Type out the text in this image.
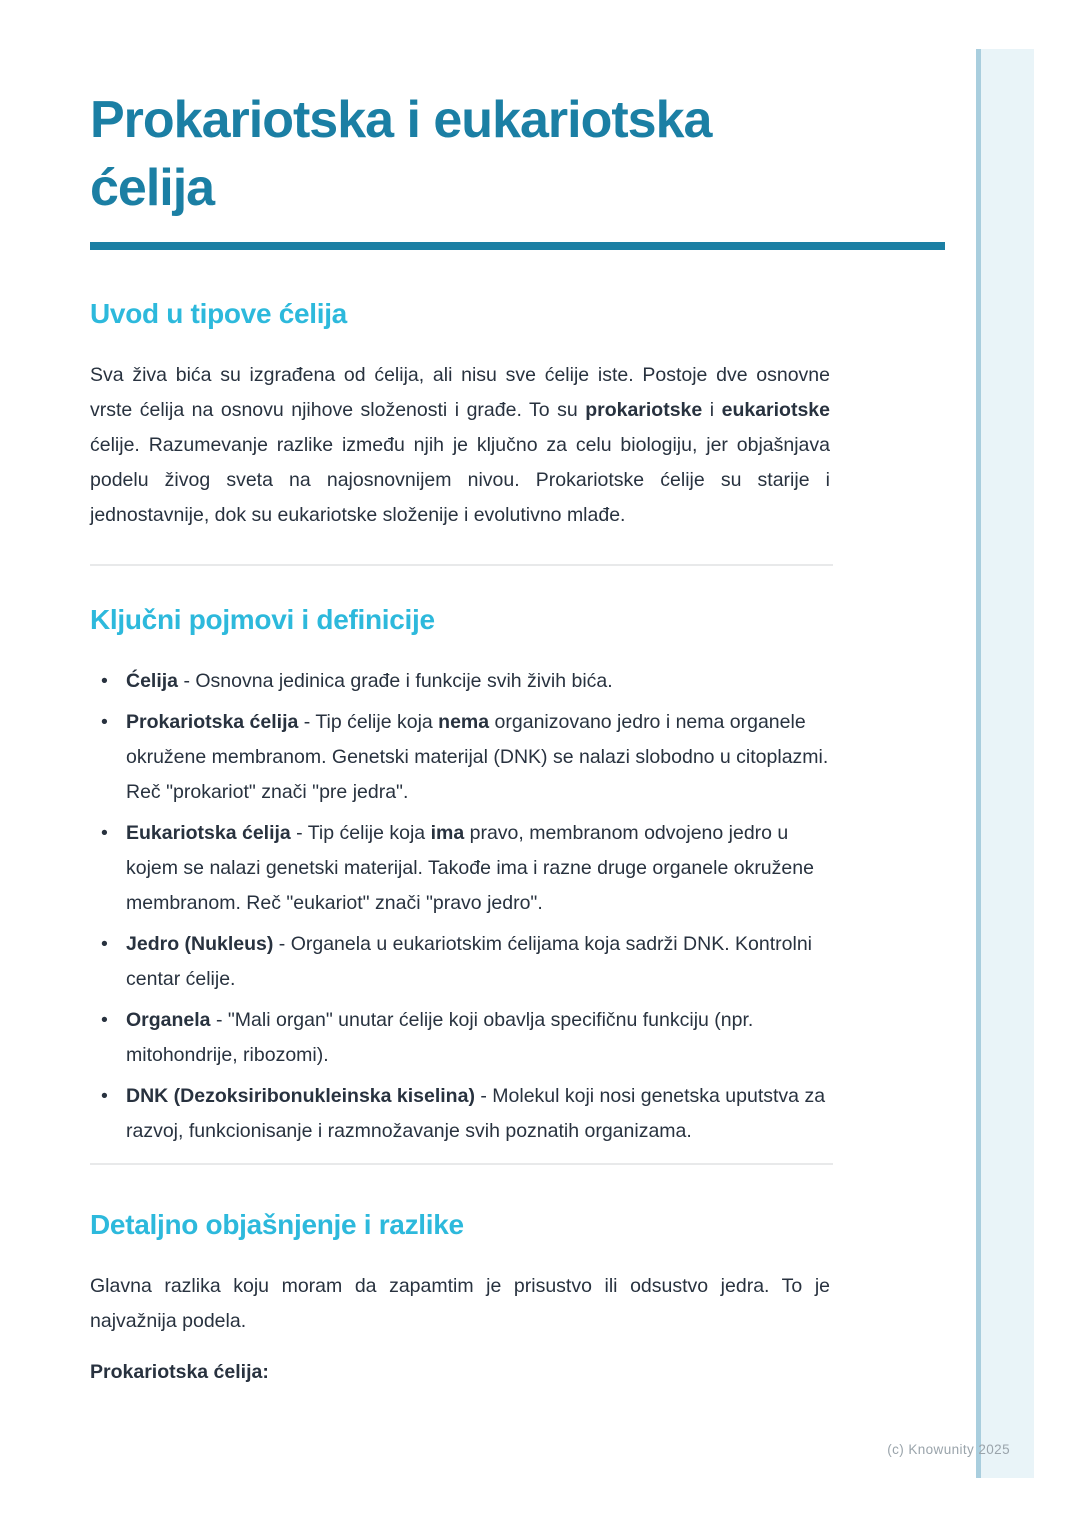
Prokariotska i eukariotska
ćelija
Uvod u tipove ćelija

Sva živa bića su izgrađena od ćelija, ali nisu sve ćelije iste. Postoje dve osnovne vrste ćelija na osnovu njihove složenosti i građe. To su prokariotske i eukariotske ćelije. Razumevanje razlike između njih je ključno za celu biologiju, jer objašnjava podelu živog sveta na najosnovnijem nivou. Prokariotske ćelije su starije i jednostavnije, dok su eukariotske složenije i evolutivno mlađe.

Ključni pojmovi i definicije
• Ćelija - Osnovna jedinica građe i funkcije svih živih bića.
• Prokariotska ćelija - Tip ćelije koja nema organizovano jedro i nema organele okružene membranom. Genetski materijal (DNK) se nalazi slobodno u citoplazmi. Reč "prokariot" znači "pre jedra".
• Eukariotska ćelija - Tip ćelije koja ima pravo, membranom odvojeno jedro u kojem se nalazi genetski materijal. Takođe ima i razne druge organele okružene membranom. Reč "eukariot" znači "pravo jedro".
• Jedro (Nukleus) - Organela u eukariotskim ćelijama koja sadrži DNK. Kontrolni centar ćelije.
• Organela - "Mali organ" unutar ćelije koji obavlja specifičnu funkciju (npr. mitohondrije, ribozomi).
• DNK (Dezoksiribonukleinska kiselina) - Molekul koji nosi genetska uputstva za razvoj, funkcionisanje i razmnožavanje svih poznatih organizama.
Detaljno objašnjenje i razlike

Glavna razlika koju moram da zapamtim je prisustvo ili odsustvo jedra. To je najvažnija podela.

Prokariotska ćelija:

(c) Knowunity 2025
